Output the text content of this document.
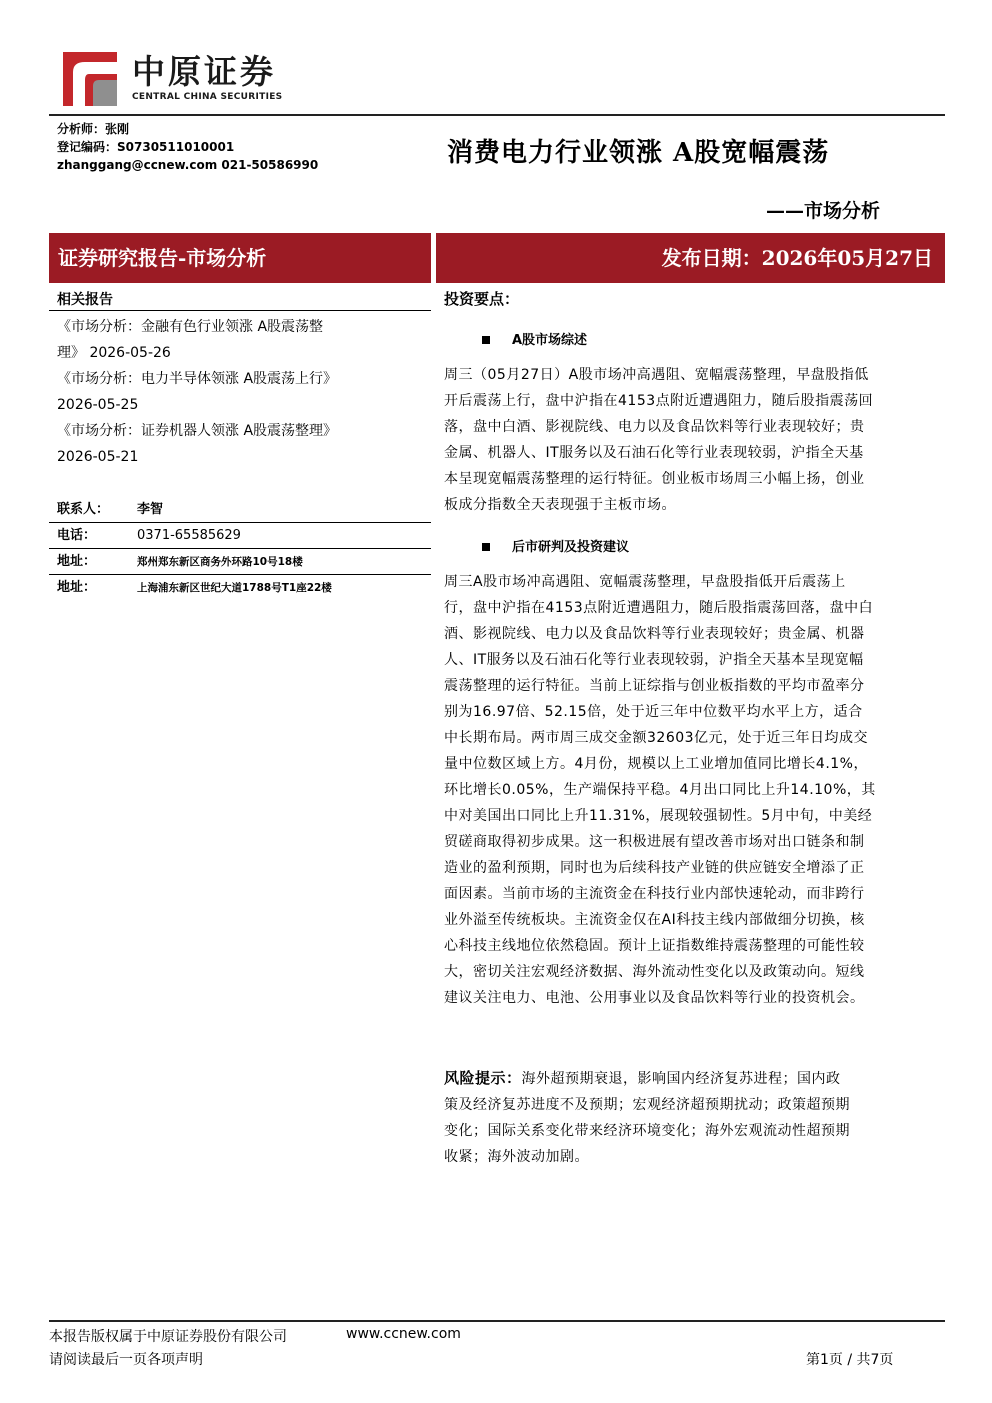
中原证券
CENTRAL CHINA SECURITIES
分析师：张刚
登记编码：S0730511010001
zhanggang@ccnew.com 021-50586990	消费电力行业领涨 A股宽幅震荡
——市场分析
证券研究报告-市场分析	发布日期：2026年05月27日
相关报告
《市场分析：金融有色行业领涨 A股震荡整
理》 2026-05-26
《市场分析：电力半导体领涨 A股震荡上行》
2026-05-25
《市场分析：证券机器人领涨 A股震荡整理》
2026-05-21
联系人： 李智
电话：	0371-65585629
地址：	郑州郑东新区商务外环路10号18楼
地址：	上海浦东新区世纪大道1788号T1座22楼
投资要点：
A股市场综述
周三（05月27日）A股市场冲高遇阻、宽幅震荡整理，早盘股指低
开后震荡上行，盘中沪指在4153点附近遭遇阻力，随后股指震荡回
落，盘中白酒、影视院线、电力以及食品饮料等行业表现较好；贵
金属、机器人、IT服务以及石油石化等行业表现较弱，沪指全天基
本呈现宽幅震荡整理的运行特征。创业板市场周三小幅上扬，创业
板成分指数全天表现强于主板市场。
后市研判及投资建议
周三A股市场冲高遇阻、宽幅震荡整理，早盘股指低开后震荡上
行，盘中沪指在4153点附近遭遇阻力，随后股指震荡回落，盘中白
酒、影视院线、电力以及食品饮料等行业表现较好；贵金属、机器
人、IT服务以及石油石化等行业表现较弱，沪指全天基本呈现宽幅
震荡整理的运行特征。当前上证综指与创业板指数的平均市盈率分
别为16.97倍、52.15倍，处于近三年中位数平均水平上方，适合
中长期布局。两市周三成交金额32603亿元，处于近三年日均成交
量中位数区域上方。4月份，规模以上工业增加值同比增长4.1%，
环比增长0.05%，生产端保持平稳。4月出口同比上升14.10%，其
中对美国出口同比上升11.31%，展现较强韧性。5月中旬，中美经
贸磋商取得初步成果。这一积极进展有望改善市场对出口链条和制
造业的盈利预期，同时也为后续科技产业链的供应链安全增添了正
面因素。当前市场的主流资金在科技行业内部快速轮动，而非跨行
业外溢至传统板块。主流资金仅在AI科技主线内部做细分切换，核
心科技主线地位依然稳固。预计上证指数维持震荡整理的可能性较
大，密切关注宏观经济数据、海外流动性变化以及政策动向。短线
建议关注电力、电池、公用事业以及食品饮料等行业的投资机会。
风险提示：海外超预期衰退，影响国内经济复苏进程；国内政
策及经济复苏进度不及预期；宏观经济超预期扰动；政策超预期
变化；国际关系变化带来经济环境变化；海外宏观流动性超预期
收紧；海外波动加剧。
本报告版权属于中原证券股份有限公司	www.ccnew.com
请阅读最后一页各项声明	第1页 / 共7页
